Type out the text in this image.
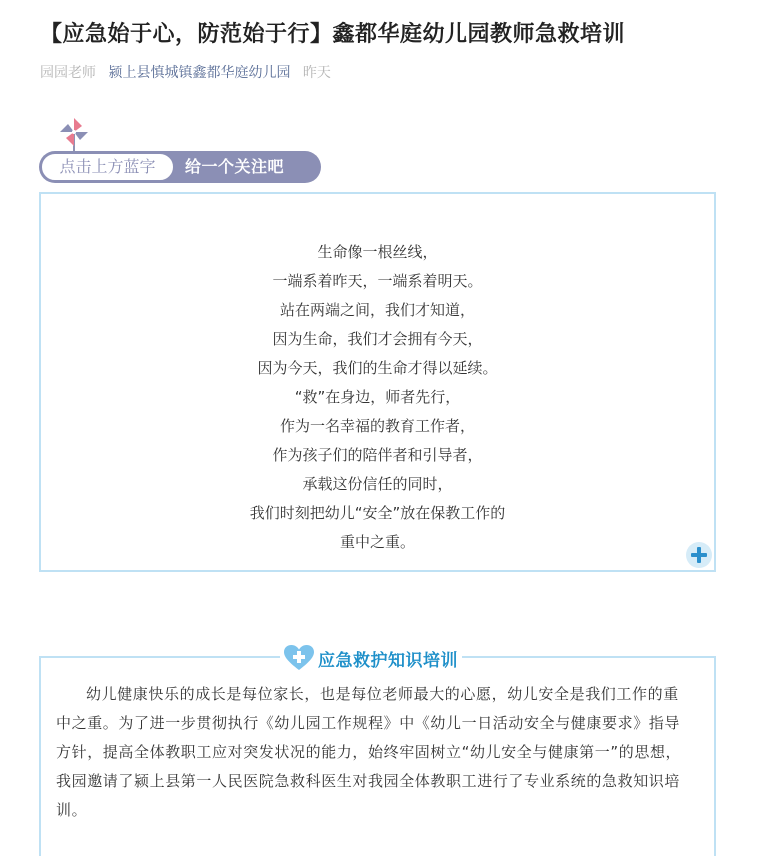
【应急始于心，防范始于行】鑫都华庭幼儿园教师急救培训
园园老师 颍上县慎城镇鑫都华庭幼儿园 昨天
点击上方蓝字	给一个关注吧
生命像一根丝线，
一端系着昨天，一端系着明天。
站在两端之间，我们才知道，
因为生命，我们才会拥有今天，
因为今天，我们的生命才得以延续。
“救”在身边，师者先行，
作为一名幸福的教育工作者，
作为孩子们的陪伴者和引导者，
承载这份信任的同时，
我们时刻把幼儿“安全”放在保教工作的
重中之重。
应急救护知识培训

幼儿健康快乐的成长是每位家长，也是每位老师最大的心愿，幼儿安全是我们工作的重中之重。为了进一步贯彻执行《幼儿园工作规程》中《幼儿一日活动安全与健康要求》指导方针，提高全体教职工应对突发状况的能力，始终牢固树立“幼儿安全与健康第一”的思想，我园邀请了颍上县第一人民医院急救科医生对我园全体教职工进行了专业系统的急救知识培训。
